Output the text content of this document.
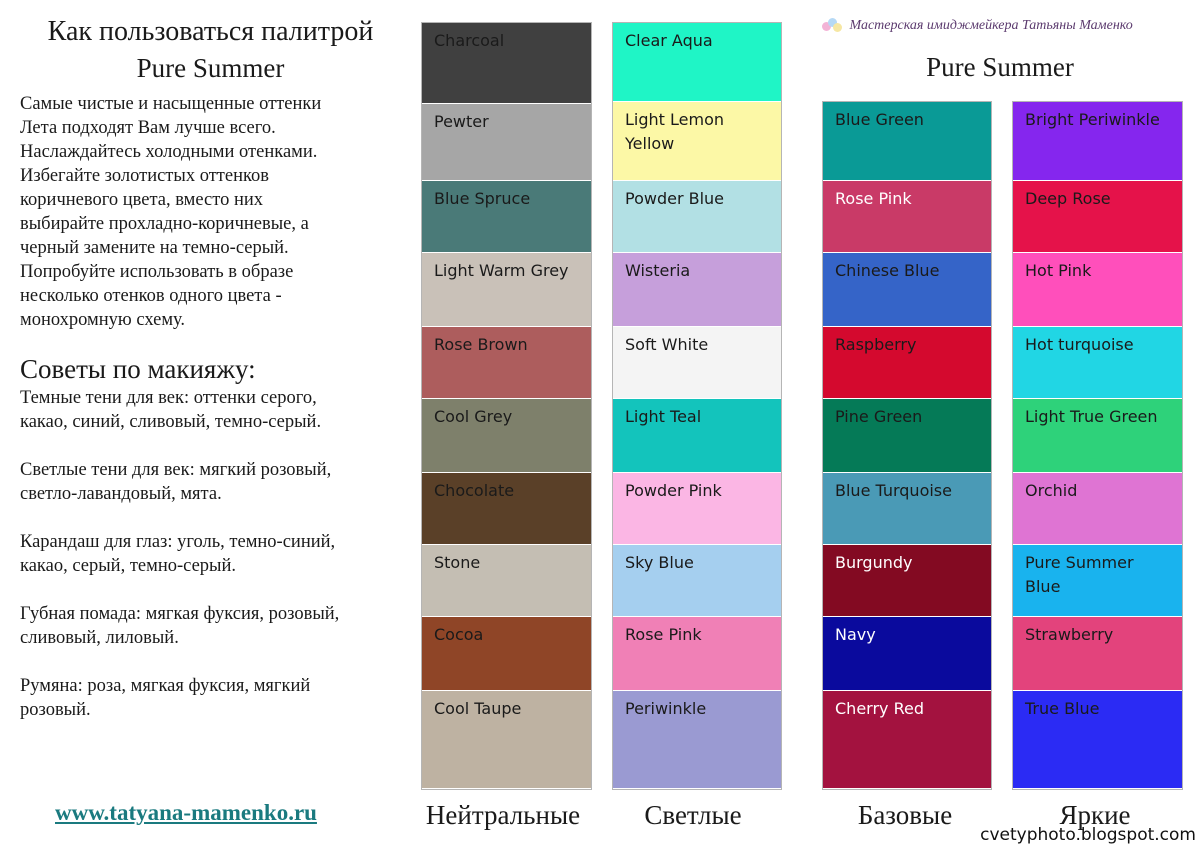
Как пользоваться палитрой
Pure Summer
Самые чистые и насыщенные оттенки
Лета подходят Вам лучше всего.
Наслаждайтесь холодными отенками.
Избегайте золотистых оттенков
коричневого цвета, вместо них
выбирайте прохладно-коричневые, а
черный замените на темно-серый.
Попробуйте использовать в образе
несколько отенков одного цвета -
монохромную схему.
Советы по макияжу:
Темные тени для век: оттенки серого,
какао, синий, сливовый, темно-серый.
Светлые тени для век: мягкий розовый,
светло-лавандовый, мята.
Карандаш для глаз: уголь, темно-синий,
какао, серый, темно-серый.
Губная помада: мягкая фуксия, розовый,
сливовый, лиловый.
Румяна: роза, мягкая фуксия, мягкий
розовый.
www.tatyana-mamenko.ru
Мастерская имиджмейкера Татьяны Маменко
Pure Summer
Charcoal
Pewter
Blue Spruce
Light Warm Grey
Rose Brown
Cool Grey
Chocolate
Stone
Cocoa
Cool Taupe
Нейтральные
Clear Aqua
Light Lemon Yellow
Powder Blue
Wisteria
Soft White
Light Teal
Powder Pink
Sky Blue
Rose Pink
Periwinkle
Светлые
Blue Green
Rose Pink
Chinese Blue
Raspberry
Pine Green
Blue Turquoise
Burgundy
Navy
Cherry Red
Базовые
Bright Periwinkle
Deep Rose
Hot Pink
Hot turquoise
Light True Green
Orchid
Pure Summer Blue
Strawberry
True Blue
Яркие
cvetyphoto.blogspot.com
